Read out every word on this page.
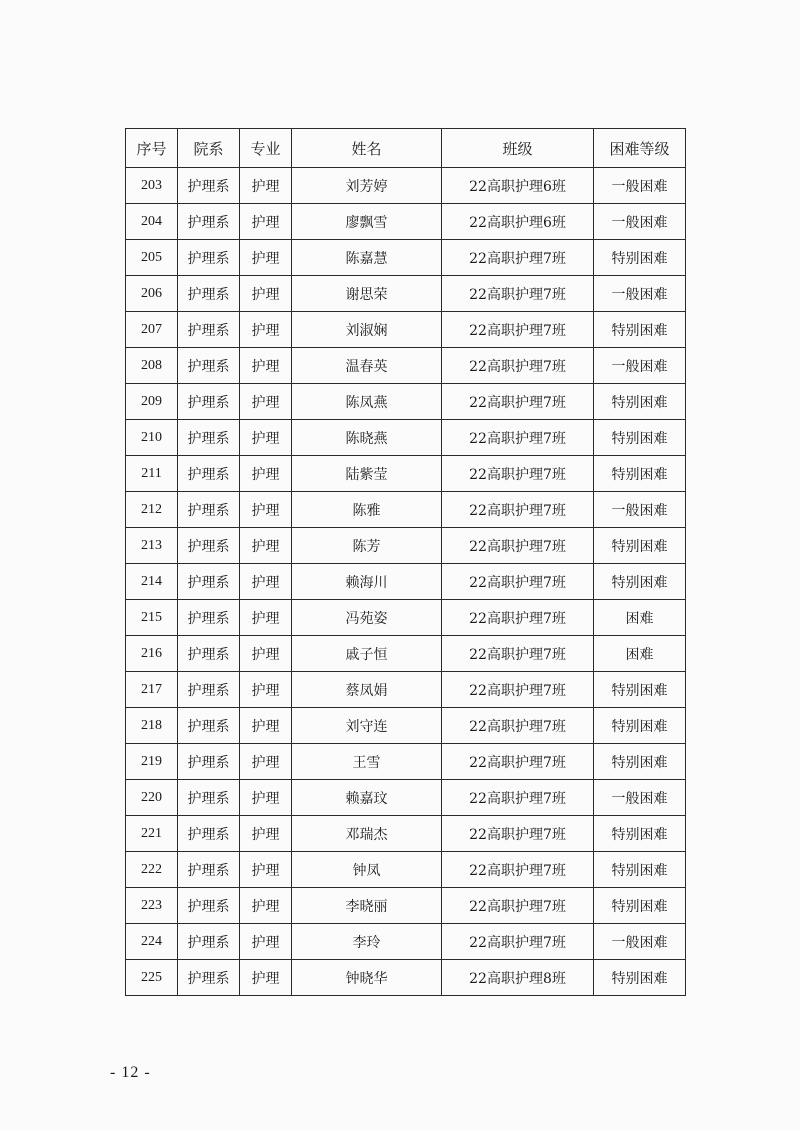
序号	院系	专业	姓名	班级	困难等级
203	护理系	护理	刘芳婷	22高职护理6班	一般困难
204	护理系	护理	廖飘雪	22高职护理6班	一般困难
205	护理系	护理	陈嘉慧	22高职护理7班	特别困难
206	护理系	护理	谢思荣	22高职护理7班	一般困难
207	护理系	护理	刘淑娴	22高职护理7班	特别困难
208	护理系	护理	温春英	22高职护理7班	一般困难
209	护理系	护理	陈凤燕	22高职护理7班	特别困难
210	护理系	护理	陈晓燕	22高职护理7班	特别困难
211	护理系	护理	陆紫莹	22高职护理7班	特别困难
212	护理系	护理	陈雅	22高职护理7班	一般困难
213	护理系	护理	陈芳	22高职护理7班	特别困难
214	护理系	护理	赖海川	22高职护理7班	特别困难
215	护理系	护理	冯苑姿	22高职护理7班	困难
216	护理系	护理	戚子恒	22高职护理7班	困难
217	护理系	护理	蔡凤娟	22高职护理7班	特别困难
218	护理系	护理	刘守连	22高职护理7班	特别困难
219	护理系	护理	王雪	22高职护理7班	特别困难
220	护理系	护理	赖嘉玟	22高职护理7班	一般困难
221	护理系	护理	邓瑞杰	22高职护理7班	特别困难
222	护理系	护理	钟凤	22高职护理7班	特别困难
223	护理系	护理	李晓丽	22高职护理7班	特别困难
224	护理系	护理	李玲	22高职护理7班	一般困难
225	护理系	护理	钟晓华	22高职护理8班	特别困难
- 12 -
